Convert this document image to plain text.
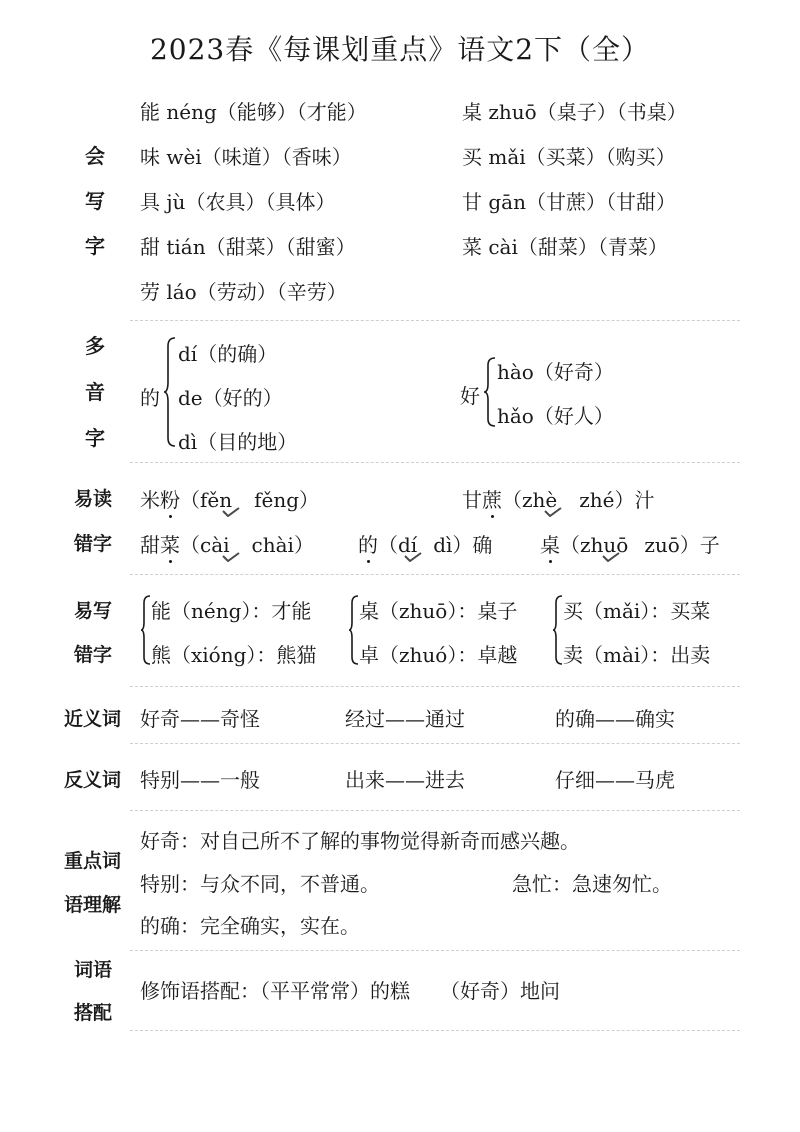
2023春《每课划重点》语文2下（全）
会
写
字
能 néng（能够）（才能）	桌 zhuō（桌子）（书桌）
味 wèi（味道）（香味）	买 mǎi（买菜）（购买）
具 jù（农具）（具体）	甘 gān（甘蔗）（甘甜）
甜 tián（甜菜）（甜蜜）	菜 cài（甜菜）（青菜）
劳 láo（劳动）（辛劳）
多
音
字
的
dí（的确）
de（好的）
dì（目的地）
好
hào（好奇）
hǎo（好人）
易读
错字
米粉（fěn fěng）	甘蔗（zhè zhé）汁
甜菜（cài chài） 的（dí dì）确 桌（zhuō zuō）子
易写
错字
能（néng）：才能
熊（xióng）：熊猫
桌（zhuō）：桌子
卓（zhuó）：卓越
买（mǎi）：买菜
卖（mài）：出卖
近义词 好奇——奇怪	经过——通过	的确——确实
反义词 特别——一般	出来——进去	仔细——马虎
重点词
语理解
好奇：对自己所不了解的事物觉得新奇而感兴趣。
特别：与众不同，不普通。	急忙：急速匆忙。
的确：完全确实，实在。
词语
搭配
修饰语搭配：（平平常常）的糕　　（好奇）地问
